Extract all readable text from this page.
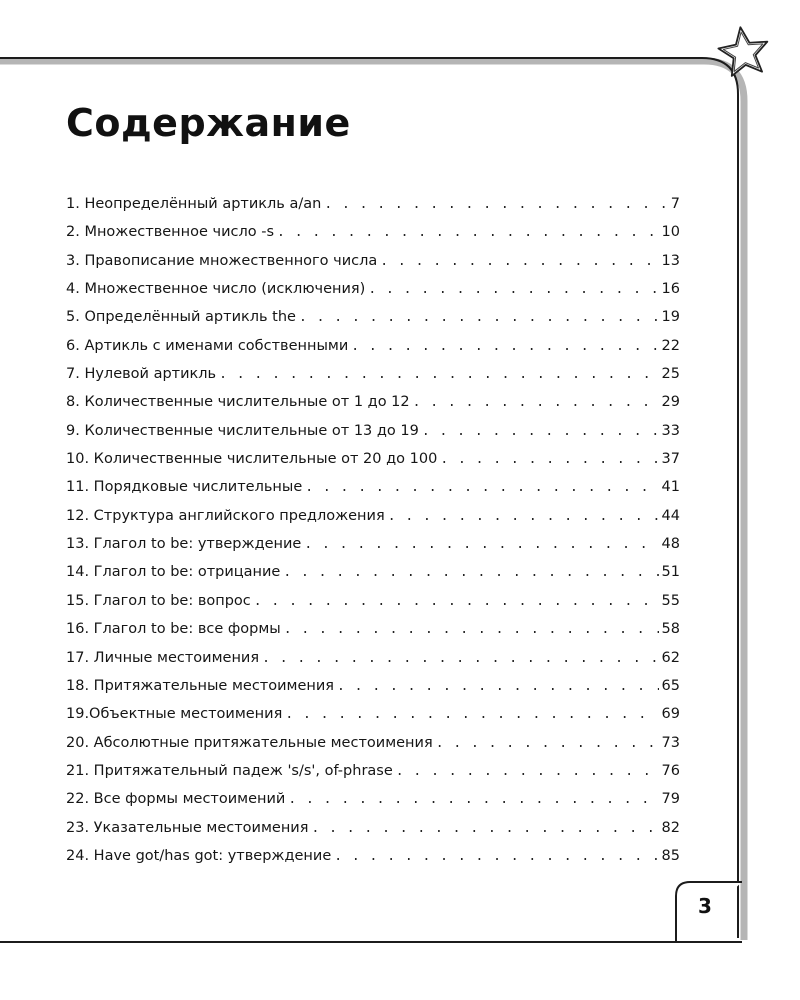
Содержание
1. Неопределённый артикль a/an . . .	7
2. Множественное число -s . . .	10
3. Правописание множественного числа . . .	13
4. Множественное число (исключения) . . .	16
5. Определённый артикль the . . .	19
6. Артикль с именами собственными . . .	22
7. Нулевой артикль . . .	25
8. Количественные числительные от 1 до 12 . . .	29
9. Количественные числительные от 13 до 19 . . .	33
10. Количественные числительные от 20 до 100 . . .	37
11. Порядковые числительные . . .	41
12. Структура английского предложения . . .	44
13. Глагол to be: утверждение . . .	48
14. Глагол to be: отрицание . . .	51
15. Глагол to be: вопрос . . .	55
16. Глагол to be: все формы . . .	58
17. Личные местоимения . . .	62
18. Притяжательные местоимения . . .	65
19.Объектные местоимения . . .	69
20. Абсолютные притяжательные местоимения . . .	73
21. Притяжательный падеж 's/s', of-phrase . . .	76
22. Все формы местоимений . . .	79
23. Указательные местоимения . . .	82
24. Have got/has got: утверждение . . .	85
3
